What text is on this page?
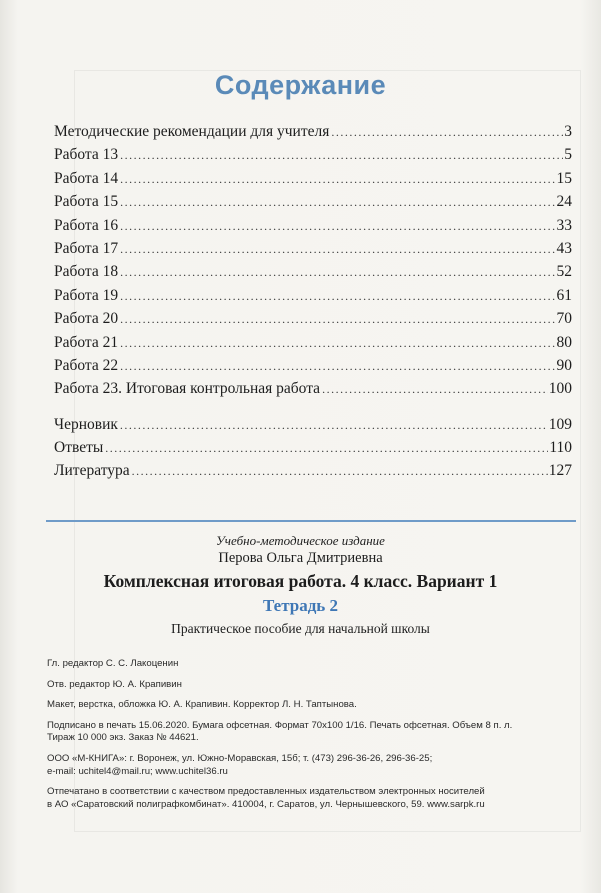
Содержание
Методические рекомендации для учителя .....	3
Работа 13 .....	5
Работа 14 .....	15
Работа 15 .....	24
Работа 16 .....	33
Работа 17 .....	43
Работа 18 .....	52
Работа 19 .....	61
Работа 20 .....	70
Работа 21 .....	80
Работа 22 .....	90
Работа 23. Итоговая контрольная работа .....	100
Черновик .....	109
Ответы .....	110
Литература .....	127
Учебно-методическое издание
Перова Ольга Дмитриевна
Комплексная итоговая работа. 4 класс. Вариант 1
Тетрадь 2
Практическое пособие для начальной школы
Гл. редактор С. С. Лакоценин
Отв. редактор Ю. А. Крапивин
Макет, верстка, обложка Ю. А. Крапивин. Корректор Л. Н. Таптынова.
Подписано в печать 15.06.2020. Бумага офсетная. Формат 70x100 1/16. Печать офсетная. Объем 8 п. л.
Тираж 10 000 экз. Заказ № 44621.
ООО «М-КНИГА»: г. Воронеж, ул. Южно-Моравская, 15б; т. (473) 296-36-26, 296-36-25;
e-mail: uchitel4@mail.ru; www.uchitel36.ru
Отпечатано в соответствии с качеством предоставленных издательством электронных носителей
в АО «Саратовский полиграфкомбинат». 410004, г. Саратов, ул. Чернышевского, 59. www.sarpk.ru
